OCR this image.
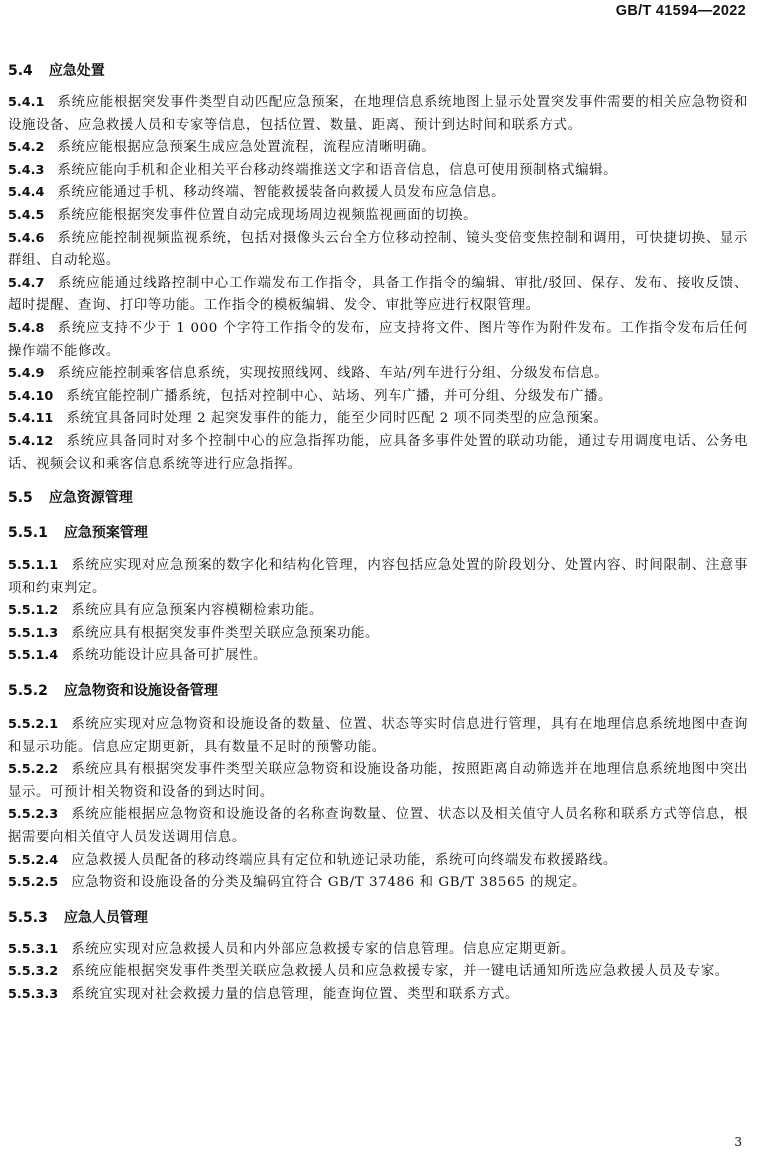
GB/T 41594—2022
5.4 应急处置

5.4.1 系统应能根据突发事件类型自动匹配应急预案，在地理信息系统地图上显示处置突发事件需要的相关应急物资和设施设备、应急救援人员和专家等信息，包括位置、数量、距离、预计到达时间和联系方式。

5.4.2 系统应能根据应急预案生成应急处置流程，流程应清晰明确。

5.4.3 系统应能向手机和企业相关平台移动终端推送文字和语音信息，信息可使用预制格式编辑。

5.4.4 系统应能通过手机、移动终端、智能救援装备向救援人员发布应急信息。

5.4.5 系统应能根据突发事件位置自动完成现场周边视频监视画面的切换。

5.4.6 系统应能控制视频监视系统，包括对摄像头云台全方位移动控制、镜头变倍变焦控制和调用，可快捷切换、显示群组、自动轮巡。

5.4.7 系统应能通过线路控制中心工作端发布工作指令，具备工作指令的编辑、审批/驳回、保存、发布、接收反馈、超时提醒、查询、打印等功能。工作指令的模板编辑、发令、审批等应进行权限管理。

5.4.8 系统应支持不少于 1 000 个字符工作指令的发布，应支持将文件、图片等作为附件发布。工作指令发布后任何操作端不能修改。

5.4.9 系统应能控制乘客信息系统，实现按照线网、线路、车站/列车进行分组、分级发布信息。

5.4.10 系统宜能控制广播系统，包括对控制中心、站场、列车广播，并可分组、分级发布广播。

5.4.11 系统宜具备同时处理 2 起突发事件的能力，能至少同时匹配 2 项不同类型的应急预案。

5.4.12 系统应具备同时对多个控制中心的应急指挥功能，应具备多事件处置的联动功能，通过专用调度电话、公务电话、视频会议和乘客信息系统等进行应急指挥。

5.5 应急资源管理
5.5.1 应急预案管理

5.5.1.1 系统应实现对应急预案的数字化和结构化管理，内容包括应急处置的阶段划分、处置内容、时间限制、注意事项和约束判定。

5.5.1.2 系统应具有应急预案内容模糊检索功能。

5.5.1.3 系统应具有根据突发事件类型关联应急预案功能。

5.5.1.4 系统功能设计应具备可扩展性。

5.5.2 应急物资和设施设备管理

5.5.2.1 系统应实现对应急物资和设施设备的数量、位置、状态等实时信息进行管理，具有在地理信息系统地图中查询和显示功能。信息应定期更新，具有数量不足时的预警功能。

5.5.2.2 系统应具有根据突发事件类型关联应急物资和设施设备功能，按照距离自动筛选并在地理信息系统地图中突出显示。可预计相关物资和设备的到达时间。

5.5.2.3 系统应能根据应急物资和设施设备的名称查询数量、位置、状态以及相关值守人员名称和联系方式等信息，根据需要向相关值守人员发送调用信息。

5.5.2.4 应急救援人员配备的移动终端应具有定位和轨迹记录功能，系统可向终端发布救援路线。

5.5.2.5 应急物资和设施设备的分类及编码宜符合 GB/T 37486 和 GB/T 38565 的规定。

5.5.3 应急人员管理

5.5.3.1 系统应实现对应急救援人员和内外部应急救援专家的信息管理。信息应定期更新。

5.5.3.2 系统应能根据突发事件类型关联应急救援人员和应急救援专家，并一键电话通知所选应急救援人员及专家。

5.5.3.3 系统宜实现对社会救援力量的信息管理，能查询位置、类型和联系方式。

3
